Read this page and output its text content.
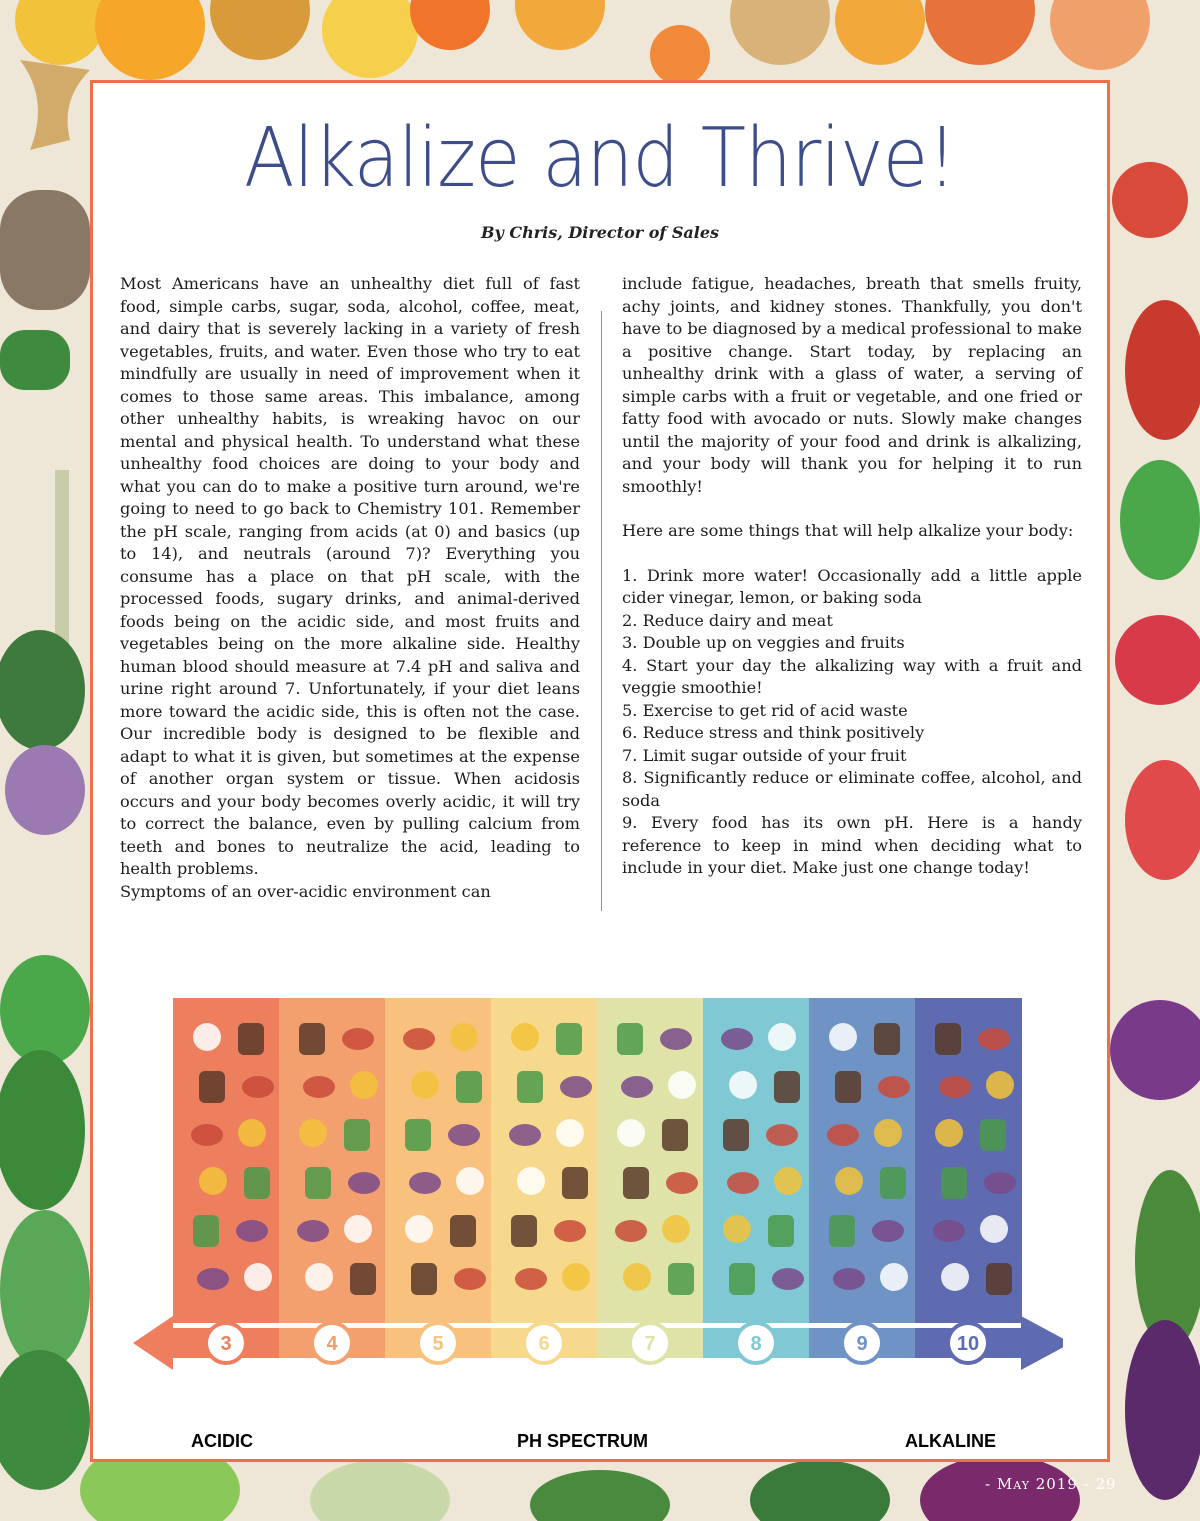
Alkalize and Thrive!
By Chris, Director of Sales

Most Americans have an unhealthy diet full of fast food, simple carbs, sugar, soda, alcohol, coffee, meat, and dairy that is severely lacking in a variety of fresh vegetables, fruits, and water. Even those who try to eat mindfully are usually in need of improvement when it comes to those same areas. This imbalance, among other unhealthy habits, is wreaking havoc on our mental and physical health. To understand what these unhealthy food choices are doing to your body and what you can do to make a positive turn around, we're going to need to go back to Chemistry 101. Remember the pH scale, ranging from acids (at 0) and basics (up to 14), and neutrals (around 7)? Everything you consume has a place on that pH scale, with the processed foods, sugary drinks, and animal-derived foods being on the acidic side, and most fruits and vegetables being on the more alkaline side. Healthy human blood should measure at 7.4 pH and saliva and urine right around 7. Unfortunately, if your diet leans more toward the acidic side, this is often not the case. Our incredible body is designed to be flexible and adapt to what it is given, but sometimes at the expense of another organ system or tissue. When acidosis occurs and your body becomes overly acidic, it will try to correct the balance, even by pulling calcium from teeth and bones to neutralize the acid, leading to health problems.

Symptoms of an over-acidic environment can

include fatigue, headaches, breath that smells fruity, achy joints, and kidney stones. Thankfully, you don't have to be diagnosed by a medical professional to make a positive change. Start today, by replacing an unhealthy drink with a glass of water, a serving of simple carbs with a fruit or vegetable, and one fried or fatty food with avocado or nuts. Slowly make changes until the majority of your food and drink is alkalizing, and your body will thank you for helping it to run smoothly!

Here are some things that will help alkalize your body:

1. Drink more water! Occasionally add a little apple cider vinegar, lemon, or baking soda

2. Reduce dairy and meat

3. Double up on veggies and fruits

4. Start your day the alkalizing way with a fruit and veggie smoothie!

5. Exercise to get rid of acid waste

6. Reduce stress and think positively

7. Limit sugar outside of your fruit

8. Significantly reduce or eliminate coffee, alcohol, and soda

9. Every food has its own pH. Here is a handy reference to keep in mind when deciding what to include in your diet. Make just one change today!

3	4	5	6	7	8	9	10
ACIDIC	PH SPECTRUM	ALKALINE
- May 2019 - 29
